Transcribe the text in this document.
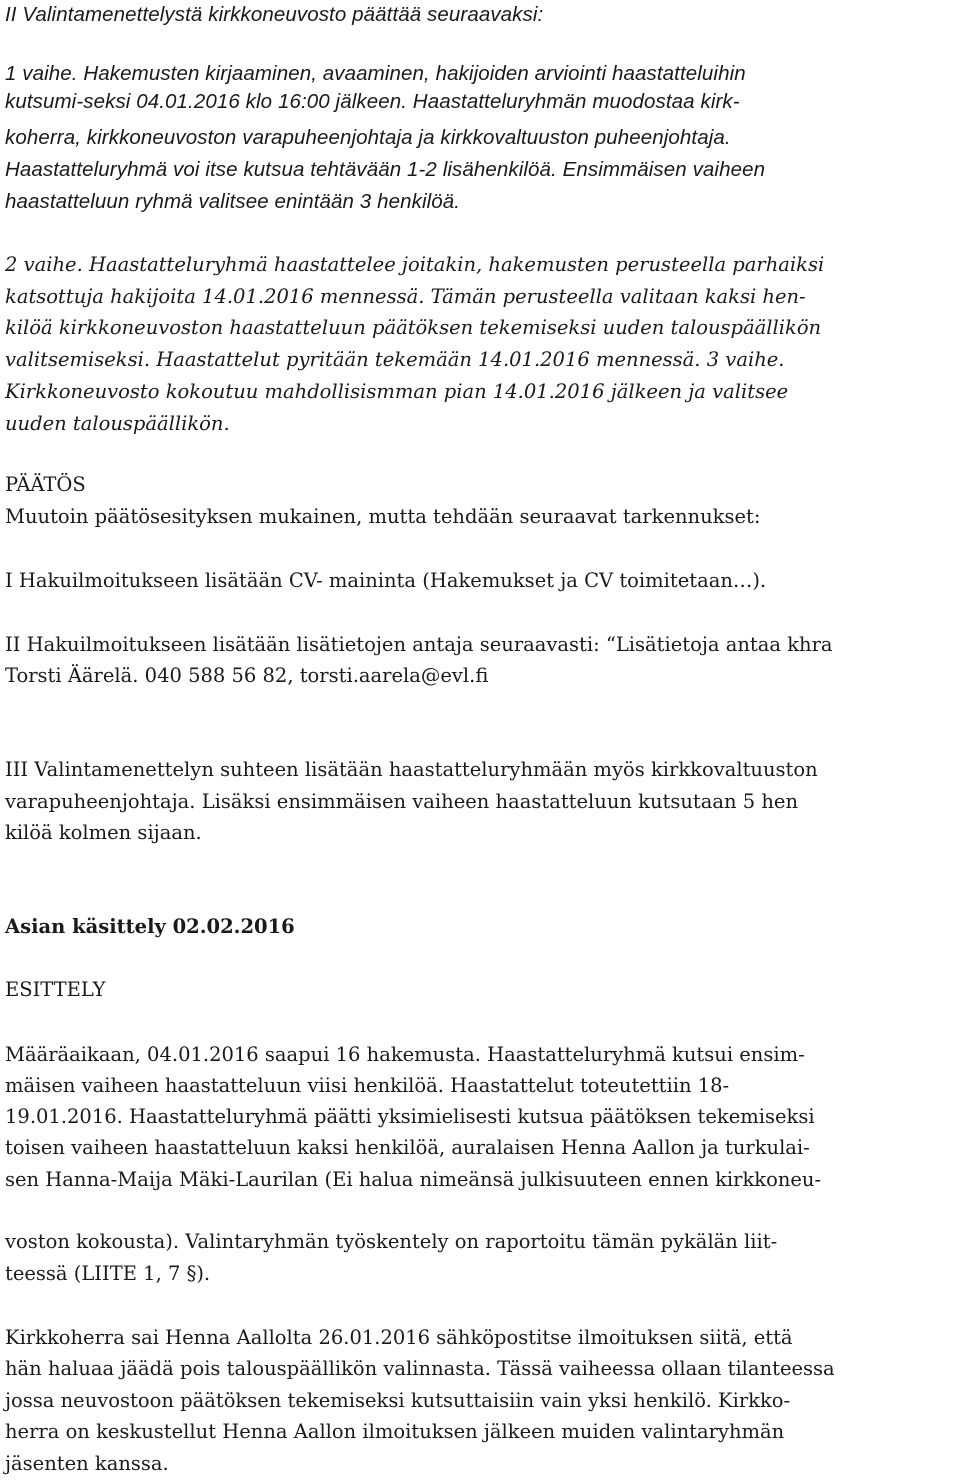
II Valintamenettelystä kirkkoneuvosto päättää seuraavaksi:
1 vaihe. Hakemusten kirjaaminen, avaaminen, hakijoiden arviointi haastatteluihin
kutsumi-seksi 04.01.2016 klo 16:00 jälkeen. Haastatteluryhmän muodostaa kirk-
koherra, kirkkoneuvoston varapuheenjohtaja ja kirkkovaltuuston puheenjohtaja.
Haastatteluryhmä voi itse kutsua tehtävään 1-2 lisähenkilöä. Ensimmäisen vaiheen
haastatteluun ryhmä valitsee enintään 3 henkilöä.
2 vaihe. Haastatteluryhmä haastattelee joitakin, hakemusten perusteella parhaiksi
katsottuja hakijoita 14.01.2016 mennessä. Tämän perusteella valitaan kaksi hen-
kilöä kirkkoneuvoston haastatteluun päätöksen tekemiseksi uuden talouspäällikön
valitsemiseksi. Haastattelut pyritään tekemään 14.01.2016 mennessä. 3 vaihe.
Kirkkoneuvosto kokoutuu mahdollisismman pian 14.01.2016 jälkeen ja valitsee
uuden talouspäällikön.
PÄÄTÖS
Muutoin päätösesityksen mukainen, mutta tehdään seuraavat tarkennukset:
I Hakuilmoitukseen lisätään CV- maininta (Hakemukset ja CV toimitetaan…).
II Hakuilmoitukseen lisätään lisätietojen antaja seuraavasti: “Lisätietoja antaa khra
Torsti Äärelä. 040 588 56 82, torsti.aarela@evl.fi
III Valintamenettelyn suhteen lisätään haastatteluryhmään myös kirkkovaltuuston
varapuheenjohtaja. Lisäksi ensimmäisen vaiheen haastatteluun kutsutaan 5 hen
kilöä kolmen sijaan.
Asian käsittely 02.02.2016
ESITTELY
Määräaikaan, 04.01.2016 saapui 16 hakemusta. Haastatteluryhmä kutsui ensim-
mäisen vaiheen haastatteluun viisi henkilöä. Haastattelut toteutettiin 18-
19.01.2016. Haastatteluryhmä päätti yksimielisesti kutsua päätöksen tekemiseksi
toisen vaiheen haastatteluun kaksi henkilöä, auralaisen Henna Aallon ja turkulai-
sen Hanna-Maija Mäki-Laurilan (Ei halua nimeänsä julkisuuteen ennen kirkkoneu-
voston kokousta). Valintaryhmän työskentely on raportoitu tämän pykälän liit-
teessä (LIITE 1, 7 §).
Kirkkoherra sai Henna Aallolta 26.01.2016 sähköpostitse ilmoituksen siitä, että
hän haluaa jäädä pois talouspäällikön valinnasta. Tässä vaiheessa ollaan tilanteessa
jossa neuvostoon päätöksen tekemiseksi kutsuttaisiin vain yksi henkilö. Kirkko-
herra on keskustellut Henna Aallon ilmoituksen jälkeen muiden valintaryhmän
jäsenten kanssa.
